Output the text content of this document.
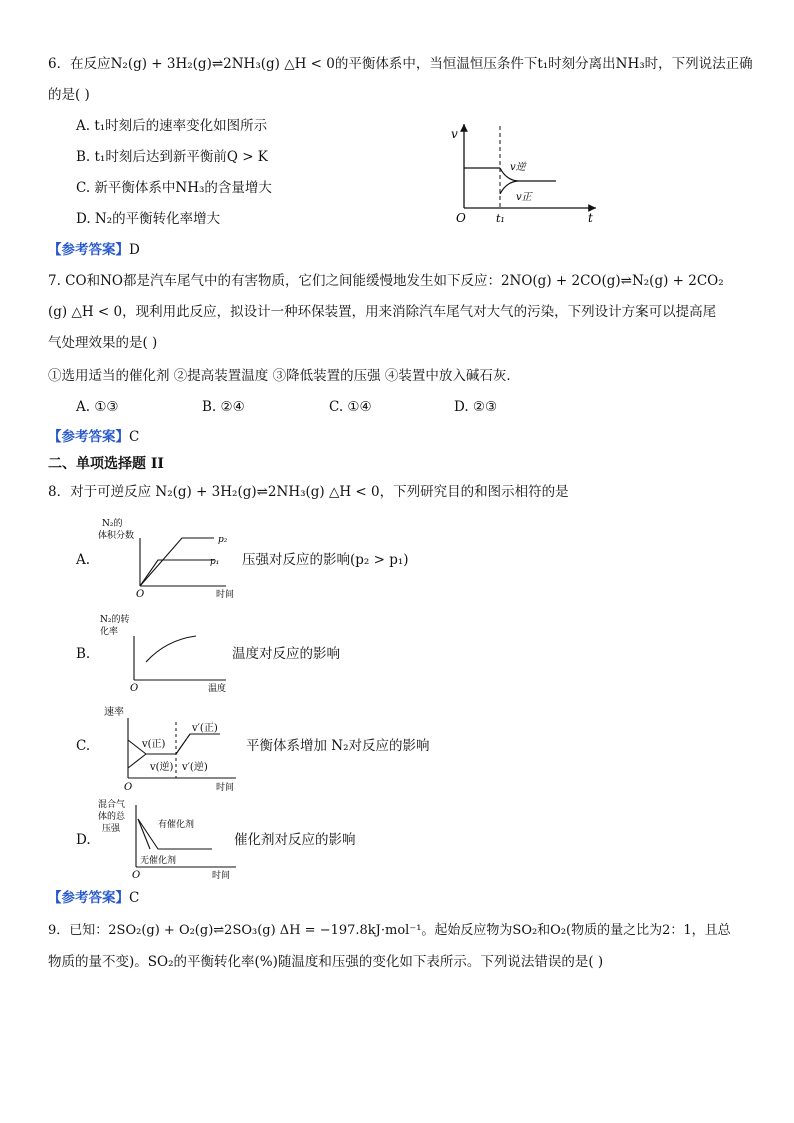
6．在反应N₂(g) + 3H₂(g)⇌2NH₃(g) △H < 0的平衡体系中，当恒温恒压条件下t₁时刻分离出NH₃时，下列说法正确
的是( )
A. t₁时刻后的速率变化如图所示
B. t₁时刻后达到新平衡前Q > K
C. 新平衡体系中NH₃的含量增大
D. N₂的平衡转化率增大
v
t
O	t₁
v逆
v正
【参考答案】D
7. CO和NO都是汽车尾气中的有害物质，它们之间能缓慢地发生如下反应：2NO(g) + 2CO(g)⇌N₂(g) + 2CO₂
(g) △H < 0，现利用此反应，拟设计一种环保装置，用来消除汽车尾气对大气的污染，下列设计方案可以提高尾
气处理效果的是( )
①选用适当的催化剂 ②提高装置温度 ③降低装置的压强 ④装置中放入碱石灰．
A. ①③	B. ②④	C. ①④	D. ②③
【参考答案】C
二、单项选择题 II
8．对于可逆反应 N₂(g) + 3H₂(g)⇌2NH₃(g) △H < 0，下列研究目的和图示相符的是
A.
N₂的
体积分数	p₂
p₁
O	时间
压强对反应的影响(p₂ > p₁)
B.
N₂的转
化率
O	温度
温度对反应的影响
C.
速率
v(正)
v(逆)
v′(正)
v′(逆)
O	时间
平衡体系增加 N₂对反应的影响
D.
混合气
体的总
压强	有催化剂
无催化剂
O	时间
催化剂对反应的影响
【参考答案】C
9．已知：2SO₂(g) + O₂(g)⇌2SO₃(g) ΔH = −197.8kJ·mol⁻¹。起始反应物为SO₂和O₂(物质的量之比为2：1，且总
物质的量不变)。SO₂的平衡转化率(%)随温度和压强的变化如下表所示。下列说法错误的是( )
